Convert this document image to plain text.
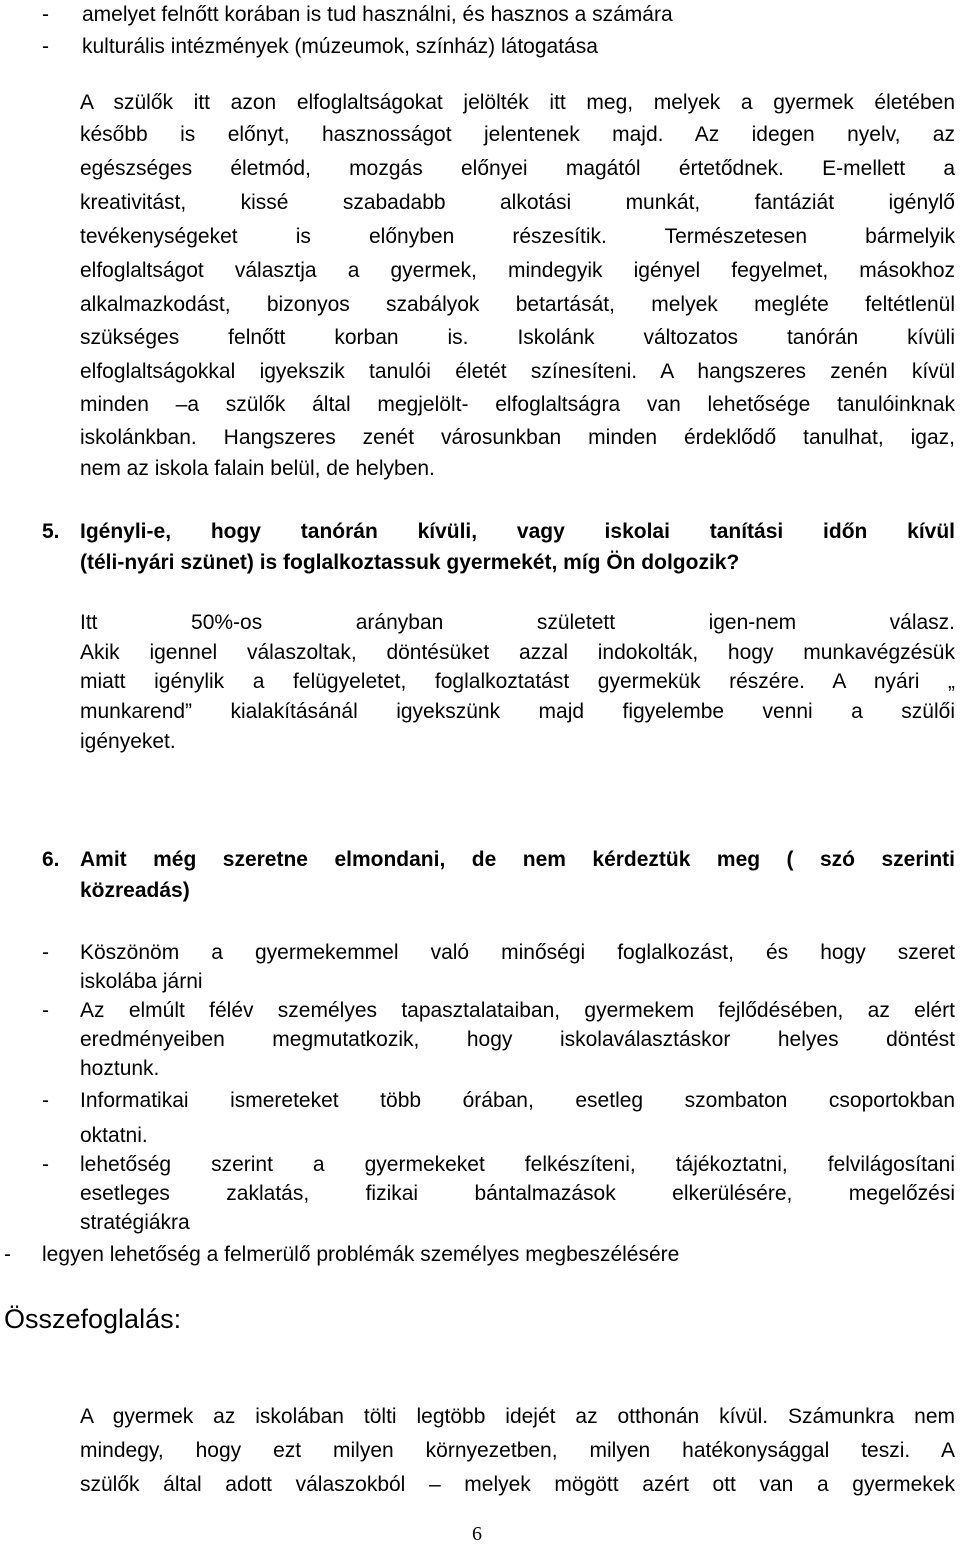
- amelyet felnőtt korában is tud használni, és hasznos a számára
- kulturális intézmények (múzeumok, színház) látogatása
A szülők itt azon elfoglaltságokat jelölték itt meg, melyek a gyermek életében
később is előnyt, hasznosságot jelentenek majd. Az idegen nyelv, az
egészséges életmód, mozgás előnyei magától értetődnek. E-mellett a
kreativitást, kissé szabadabb alkotási munkát, fantáziát igénylő
tevékenységeket is előnyben részesítik. Természetesen bármelyik
elfoglaltságot választja a gyermek, mindegyik igényel fegyelmet, másokhoz
alkalmazkodást, bizonyos szabályok betartását, melyek megléte feltétlenül
szükséges felnőtt korban is. Iskolánk változatos tanórán kívüli
elfoglaltságokkal igyekszik tanulói életét színesíteni. A hangszeres zenén kívül
minden –a szülők által megjelölt- elfoglaltságra van lehetősége tanulóinknak
iskolánkban. Hangszeres zenét városunkban minden érdeklődő tanulhat, igaz,
nem az iskola falain belül, de helyben.
5. Igényli-e, hogy tanórán kívüli, vagy iskolai tanítási időn kívül
(téli-nyári szünet) is foglalkoztassuk gyermekét, míg Ön dolgozik?
Itt 50%-os arányban született igen-nem válasz.
Akik igennel válaszoltak, döntésüket azzal indokolták, hogy munkavégzésük
miatt igénylik a felügyeletet, foglalkoztatást gyermekük részére. A nyári „
munkarend” kialakításánál igyekszünk majd figyelembe venni a szülői
igényeket.
6. Amit még szeretne elmondani, de nem kérdeztük meg ( szó szerinti
közreadás)
- Köszönöm a gyermekemmel való minőségi foglalkozást, és hogy szeret
iskolába járni
- Az elmúlt félév személyes tapasztalataiban, gyermekem fejlődésében, az elért
eredményeiben megmutatkozik, hogy iskolaválasztáskor helyes döntést
hoztunk.
- Informatikai ismereteket több órában, esetleg szombaton csoportokban
oktatni.
- lehetőség szerint a gyermekeket felkészíteni, tájékoztatni, felvilágosítani
esetleges zaklatás, fizikai bántalmazások elkerülésére, megelőzési
stratégiákra
- legyen lehetőség a felmerülő problémák személyes megbeszélésére
Összefoglalás:
A gyermek az iskolában tölti legtöbb idejét az otthonán kívül. Számunkra nem
mindegy, hogy ezt milyen környezetben, milyen hatékonysággal teszi. A
szülők által adott válaszokból – melyek mögött azért ott van a gyermekek
6
